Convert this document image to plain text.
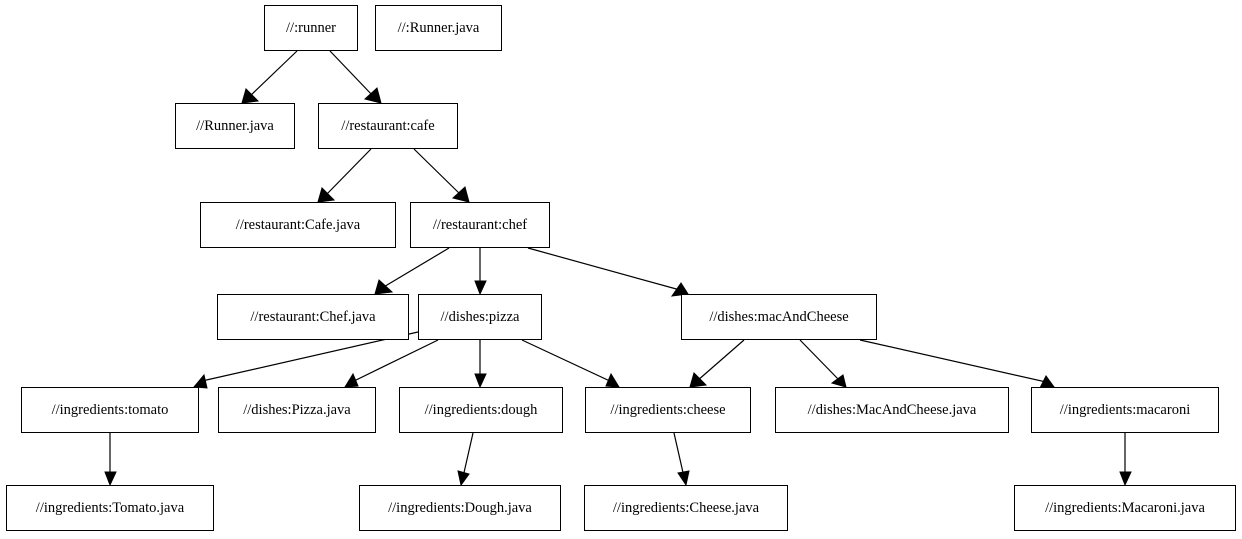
//:runner	//:Runner.java
//Runner.java	//restaurant:cafe
//restaurant:Cafe.java	//restaurant:chef
//restaurant:Chef.java	//dishes:pizza	//dishes:macAndCheese
//ingredients:tomato	//dishes:Pizza.java	//ingredients:dough	//ingredients:cheese	//dishes:MacAndCheese.java	//ingredients:macaroni
//ingredients:Tomato.java	//ingredients:Dough.java	//ingredients:Cheese.java	//ingredients:Macaroni.java
